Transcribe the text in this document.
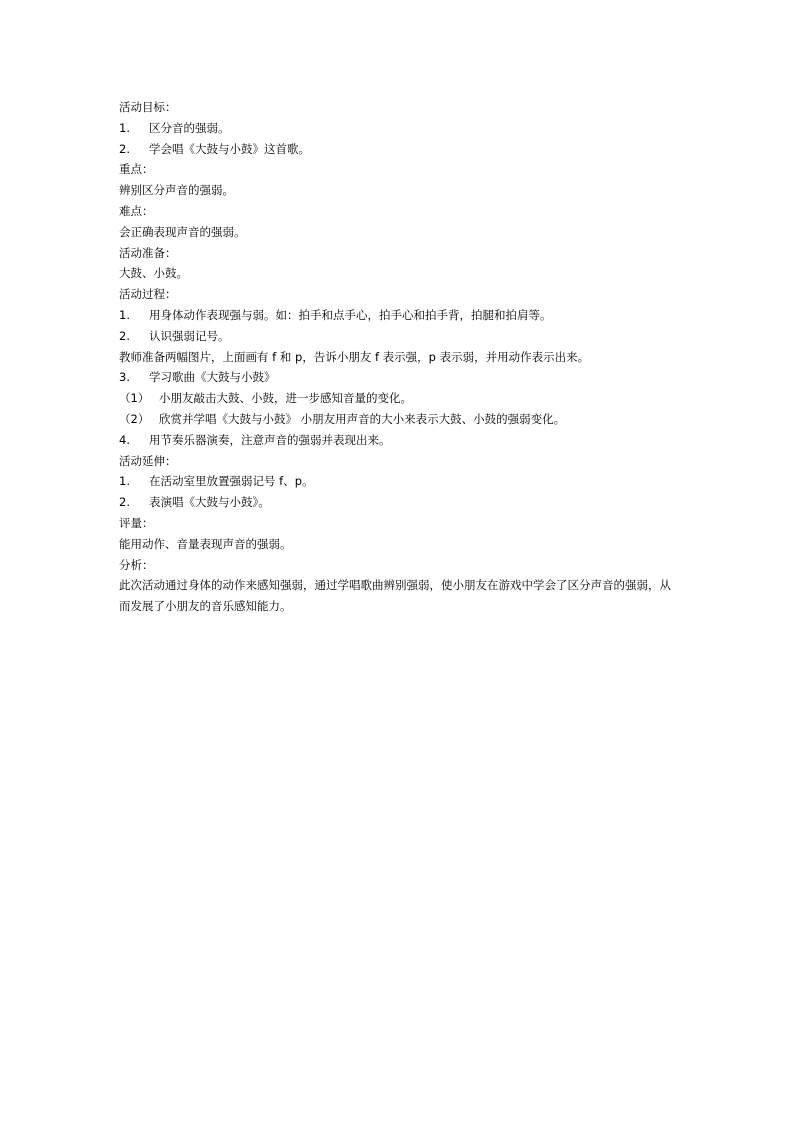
活动目标：
1. 区分音的强弱。
2. 学会唱《大鼓与小鼓》这首歌。
重点：
辨别区分声音的强弱。
难点：
会正确表现声音的强弱。
活动准备：
大鼓、小鼓。
活动过程：
1. 用身体动作表现强与弱。如：拍手和点手心，拍手心和拍手背，拍腿和拍肩等。
2. 认识强弱记号。
教师准备两幅图片，上面画有 f 和 p，告诉小朋友 f 表示强，p 表示弱，并用动作表示出来。
3. 学习歌曲《大鼓与小鼓》
（1） 小朋友敲击大鼓、小鼓，进一步感知音量的变化。
（2） 欣赏并学唱《大鼓与小鼓》 小朋友用声音的大小来表示大鼓、小鼓的强弱变化。
4. 用节奏乐器演奏，注意声音的强弱并表现出来。
活动延伸：
1. 在活动室里放置强弱记号 f、p。
2. 表演唱《大鼓与小鼓》。
评量：
能用动作、音量表现声音的强弱。
分析：
此次活动通过身体的动作来感知强弱，通过学唱歌曲辨别强弱，使小朋友在游戏中学会了区分声音的强弱，从而发展了小朋友的音乐感知能力。
